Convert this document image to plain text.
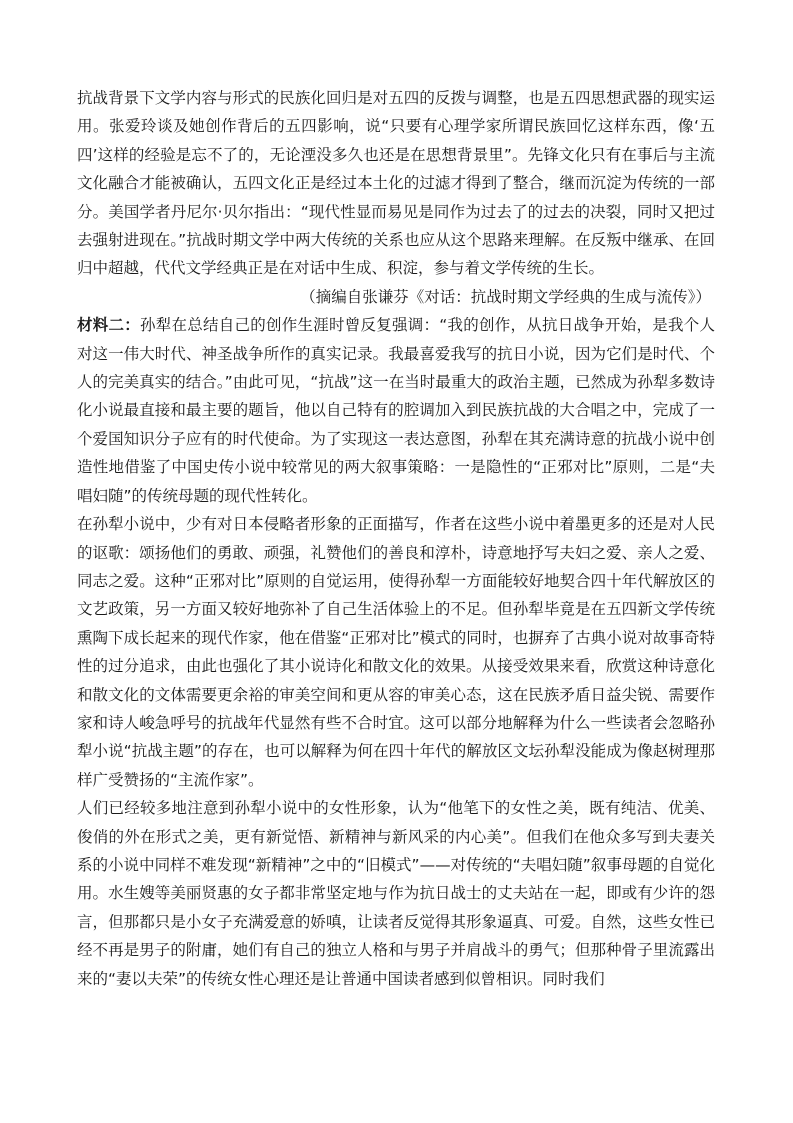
抗战背景下文学内容与形式的民族化回归是对五四的反拨与调整，也是五四思想武器的现实运用。张爱玲谈及她创作背后的五四影响，说“只要有心理学家所谓民族回忆这样东西，像‘五四’这样的经验是忘不了的，无论湮没多久也还是在思想背景里”。先锋文化只有在事后与主流文化融合才能被确认，五四文化正是经过本土化的过滤才得到了整合，继而沉淀为传统的一部分。美国学者丹尼尔·贝尔指出：“现代性显而易见是同作为过去了的过去的决裂，同时又把过去强射进现在。”抗战时期文学中两大传统的关系也应从这个思路来理解。在反叛中继承、在回归中超越，代代文学经典正是在对话中生成、积淀，参与着文学传统的生长。

（摘编自张谦芬《对话：抗战时期文学经典的生成与流传》）

材料二：孙犁在总结自己的创作生涯时曾反复强调：“我的创作，从抗日战争开始，是我个人对这一伟大时代、神圣战争所作的真实记录。我最喜爱我写的抗日小说，因为它们是时代、个人的完美真实的结合。”由此可见，“抗战”这一在当时最重大的政治主题，已然成为孙犁多数诗化小说最直接和最主要的题旨，他以自己特有的腔调加入到民族抗战的大合唱之中，完成了一个爱国知识分子应有的时代使命。为了实现这一表达意图，孙犁在其充满诗意的抗战小说中创造性地借鉴了中国史传小说中较常见的两大叙事策略：一是隐性的“正邪对比”原则，二是“夫唱妇随”的传统母题的现代性转化。

在孙犁小说中，少有对日本侵略者形象的正面描写，作者在这些小说中着墨更多的还是对人民的讴歌：颂扬他们的勇敢、顽强，礼赞他们的善良和淳朴，诗意地抒写夫妇之爱、亲人之爱、同志之爱。这种“正邪对比”原则的自觉运用，使得孙犁一方面能较好地契合四十年代解放区的文艺政策，另一方面又较好地弥补了自己生活体验上的不足。但孙犁毕竟是在五四新文学传统熏陶下成长起来的现代作家，他在借鉴“正邪对比”模式的同时，也摒弃了古典小说对故事奇特性的过分追求，由此也强化了其小说诗化和散文化的效果。从接受效果来看，欣赏这种诗意化和散文化的文体需要更余裕的审美空间和更从容的审美心态，这在民族矛盾日益尖锐、需要作家和诗人峻急呼号的抗战年代显然有些不合时宜。这可以部分地解释为什么一些读者会忽略孙犁小说“抗战主题”的存在，也可以解释为何在四十年代的解放区文坛孙犁没能成为像赵树理那样广受赞扬的“主流作家”。

人们已经较多地注意到孙犁小说中的女性形象，认为“他笔下的女性之美，既有纯洁、优美、俊俏的外在形式之美，更有新觉悟、新精神与新风采的内心美”。但我们在他众多写到夫妻关系的小说中同样不难发现“新精神”之中的“旧模式”——对传统的“夫唱妇随”叙事母题的自觉化用。水生嫂等美丽贤惠的女子都非常坚定地与作为抗日战士的丈夫站在一起，即或有少许的怨言，但那都只是小女子充满爱意的娇嗔，让读者反觉得其形象逼真、可爱。自然，这些女性已经不再是男子的附庸，她们有自己的独立人格和与男子并肩战斗的勇气；但那种骨子里流露出来的“妻以夫荣”的传统女性心理还是让普通中国读者感到似曾相识。同时我们
